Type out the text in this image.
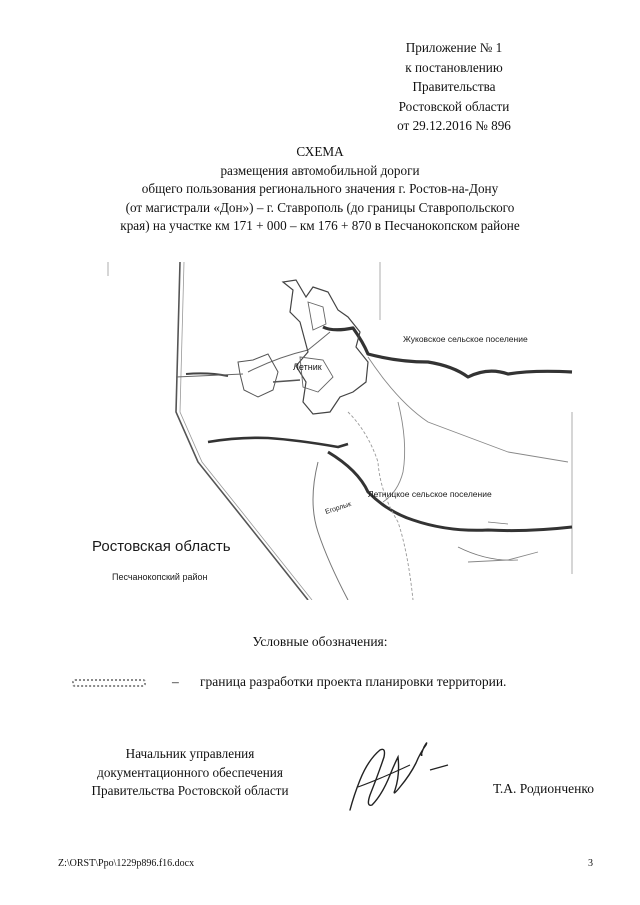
Приложение № 1
к постановлению
Правительства
Ростовской области
от 29.12.2016 № 896
СХЕМА
размещения автомобильной дороги
общего пользования регионального значения г. Ростов-на-Дону
(от магистрали «Дон») – г. Ставрополь (до границы Ставропольского
края) на участке км 171 + 000 – км 176 + 870 в Песчанокопском районе
Летник
Жуковское сельское поселение
Летницкое сельское поселение
Егорлык
Ростовская область
Песчанокопский район
Условные обозначения:
– граница разработки проекта планировки территории.
Начальник управления
документационного обеспечения
Правительства Ростовской области	Т.А. Родионченко
Z:\ORST\Ppo\1229p896.f16.docx	3
